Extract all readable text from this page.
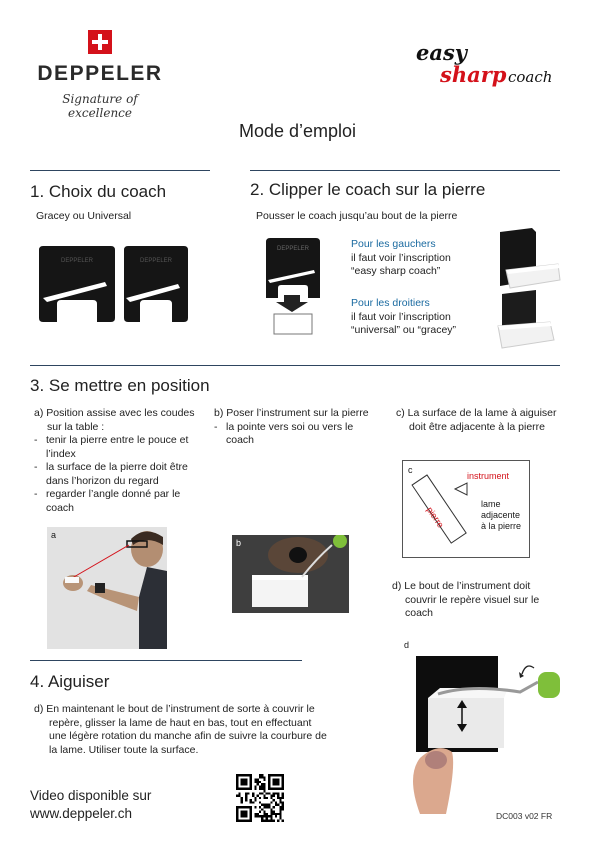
DEPPELER
Signature of excellence
easy
sharp coach
Mode d’emploi
1. Choix du coach
Gracey ou Universal
DEPPELER	DEPPELER
2. Clipper le coach sur la pierre
Pousser le coach jusqu’au bout de la pierre
DEPPELER	Pour les gauchers
il faut voir l’inscription
“easy sharp coach”
Pour les droitiers
il faut voir l’inscription
“universal” ou “gracey”
3. Se mettre en position
a) Position assise avec les coudes sur la table :
- tenir la pierre entre le pouce et l’index
- la surface de la pierre doit être dans l’horizon du regard
- regarder l’angle donné par le coach
a
b) Poser l’instrument sur la pierre
- la pointe vers soi ou vers le coach
b
c) La surface de la lame à aiguiser doit être adjacente à la pierre
c
instrument
pierre
lame
adjacente
à la pierre
d) Le bout de l’instrument doit couvrir le repère visuel sur le coach
d
4. Aiguiser
d) En maintenant le bout de l’instrument de sorte à couvrir le repère, glisser la lame de haut en bas, tout en effectuant une légère rotation du manche afin de suivre la courbure de la lame. Utiliser toute la surface.
Video disponible sur
www.deppeler.ch	DC003 v02 FR
